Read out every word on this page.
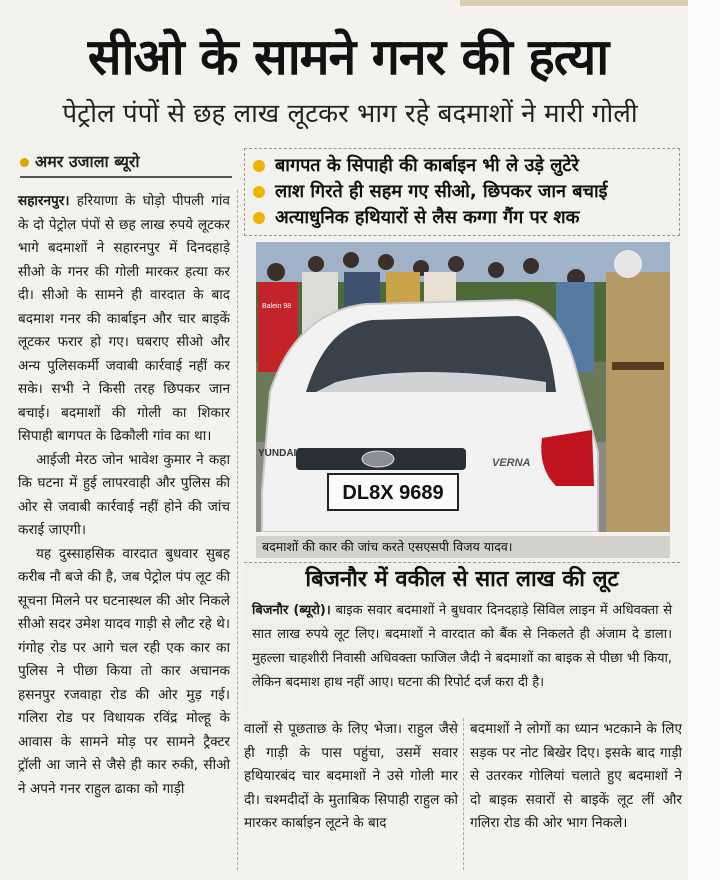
सीओ के सामने गनर की हत्या
पेट्रोल पंपों से छह लाख लूटकर भाग रहे बदमाशों ने मारी गोली
अमर उजाला ब्यूरो

सहारनपुर। हरियाणा के घोड़ो पीपली गांव के दो पेट्रोल पंपों से छह लाख रुपये लूटकर भागे बदमाशों ने सहारनपुर में दिनदहाड़े सीओ के गनर की गोली मारकर हत्या कर दी। सीओ के सामने ही वारदात के बाद बदमाश गनर की कार्बाइन और चार बाइकें लूटकर फरार हो गए। घबराए सीओ और अन्य पुलिसकर्मी जवाबी कार्रवाई नहीं कर सके। सभी ने किसी तरह छिपकर जान बचाई। बदमाशों की गोली का शिकार सिपाही बागपत के ढिकौली गांव का था।

आईजी मेरठ जोन भावेश कुमार ने कहा कि घटना में हुई लापरवाही और पुलिस की ओर से जवाबी कार्रवाई नहीं होने की जांच कराई जाएगी।

यह दुस्साहसिक वारदात बुधवार सुबह करीब नौ बजे की है, जब पेट्रोल पंप लूट की सूचना मिलने पर घटनास्थल की ओर निकले सीओ सदर उमेश यादव गाड़ी से लौट रहे थे। गंगोह रोड पर आगे चल रही एक कार का पुलिस ने पीछा किया तो कार अचानक हसनपुर रजवाहा रोड की ओर मुड़ गई। गलिरा रोड पर विधायक रविंद्र मोल्हू के आवास के सामने मोड़ पर सामने ट्रैक्टर ट्रॉली आ जाने से जैसे ही कार रुकी, सीओ ने अपने गनर राहुल ढाका को गाड़ी

बागपत के सिपाही की कार्बाइन भी ले उड़े लुटेरे
लाश गिरते ही सहम गए सीओ, छिपकर जान बचाई
अत्याधुनिक हथियारों से लैस कग्गा गैंग पर शक
DL8X 9689
YUNDAI
VERNA
Balein 98
बदमाशों की कार की जांच करते एसएसपी विजय यादव।
बिजनौर में वकील से सात लाख की लूट
बिजनौर (ब्यूरो)। बाइक सवार बदमाशों ने बुधवार दिनदहाड़े सिविल लाइन में अधिवक्ता से सात लाख रुपये लूट लिए। बदमाशों ने वारदात को बैंक से निकलते ही अंजाम दे डाला। मुहल्ला चाहशीरी निवासी अधिवक्ता फाजिल जैदी ने बदमाशों का बाइक से पीछा भी किया, लेकिन बदमाश हाथ नहीं आए। घटना की रिपोर्ट दर्ज करा दी है।
वालों से पूछताछ के लिए भेजा। राहुल जैसे ही गाड़ी के पास पहुंचा, उसमें सवार हथियारबंद चार बदमाशों ने उसे गोली मार दी। चश्मदीदों के मुताबिक सिपाही राहुल को मारकर कार्बाइन लूटने के बाद
बदमाशों ने लोगों का ध्यान भटकाने के लिए सड़क पर नोट बिखेर दिए। इसके बाद गाड़ी से उतरकर गोलियां चलाते हुए बदमाशों ने दो बाइक सवारों से बाइकें लूट लीं और गलिरा रोड की ओर भाग निकले।
